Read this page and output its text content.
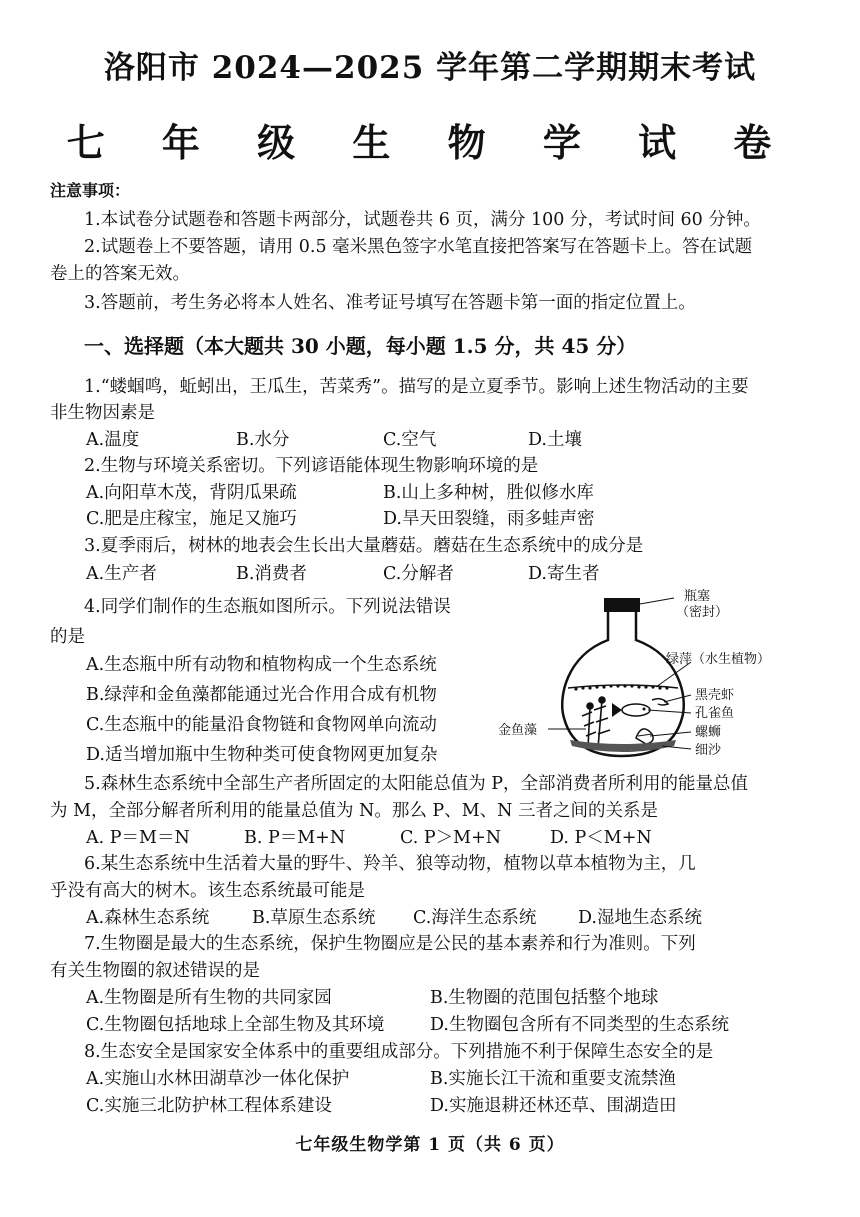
洛阳市 2024—2025 学年第二学期期末考试
七 年 级 生 物 学 试 卷
注意事项：
1.本试卷分试题卷和答题卡两部分，试题卷共 6 页，满分 100 分，考试时间 60 分钟。
2.试题卷上不要答题，请用 0.5 毫米黑色签字水笔直接把答案写在答题卡上。答在试题
卷上的答案无效。
3.答题前，考生务必将本人姓名、准考证号填写在答题卡第一面的指定位置上。
一、选择题（本大题共 30 小题，每小题 1.5 分，共 45 分）
1.“蝼蝈鸣，蚯蚓出，王瓜生，苦菜秀”。描写的是立夏季节。影响上述生物活动的主要
非生物因素是
A.温度	B.水分	C.空气	D.土壤
2.生物与环境关系密切。下列谚语能体现生物影响环境的是
A.向阳草木茂，背阴瓜果疏	B.山上多种树，胜似修水库
C.肥是庄稼宝，施足又施巧	D.旱天田裂缝，雨多蛙声密
3.夏季雨后，树林的地表会生长出大量蘑菇。蘑菇在生态系统中的成分是
A.生产者	B.消费者	C.分解者	D.寄生者
4.同学们制作的生态瓶如图所示。下列说法错误
的是
A.生态瓶中所有动物和植物构成一个生态系统
B.绿萍和金鱼藻都能通过光合作用合成有机物
C.生态瓶中的能量沿食物链和食物网单向流动
D.适当增加瓶中生物种类可使食物网更加复杂
瓶塞
（密封）
绿萍（水生植物）
黑壳虾
孔雀鱼
螺蛳
细沙
金鱼藻
5.森林生态系统中全部生产者所固定的太阳能总值为 P，全部消费者所利用的能量总值
为 M，全部分解者所利用的能量总值为 N。那么 P、M、N 三者之间的关系是
A. P＝M＝N	B. P＝M+N	C. P＞M+N	D. P＜M+N
6.某生态系统中生活着大量的野牛、羚羊、狼等动物，植物以草本植物为主，几
乎没有高大的树木。该生态系统最可能是
A.森林生态系统 B.草原生态系统 C.海洋生态系统 D.湿地生态系统
7.生物圈是最大的生态系统，保护生物圈应是公民的基本素养和行为准则。下列
有关生物圈的叙述错误的是
A.生物圈是所有生物的共同家园	B.生物圈的范围包括整个地球
C.生物圈包括地球上全部生物及其环境	D.生物圈包含所有不同类型的生态系统
8.生态安全是国家安全体系中的重要组成部分。下列措施不利于保障生态安全的是
A.实施山水林田湖草沙一体化保护	B.实施长江干流和重要支流禁渔
C.实施三北防护林工程体系建设	D.实施退耕还林还草、围湖造田
七年级生物学第 1 页（共 6 页）
